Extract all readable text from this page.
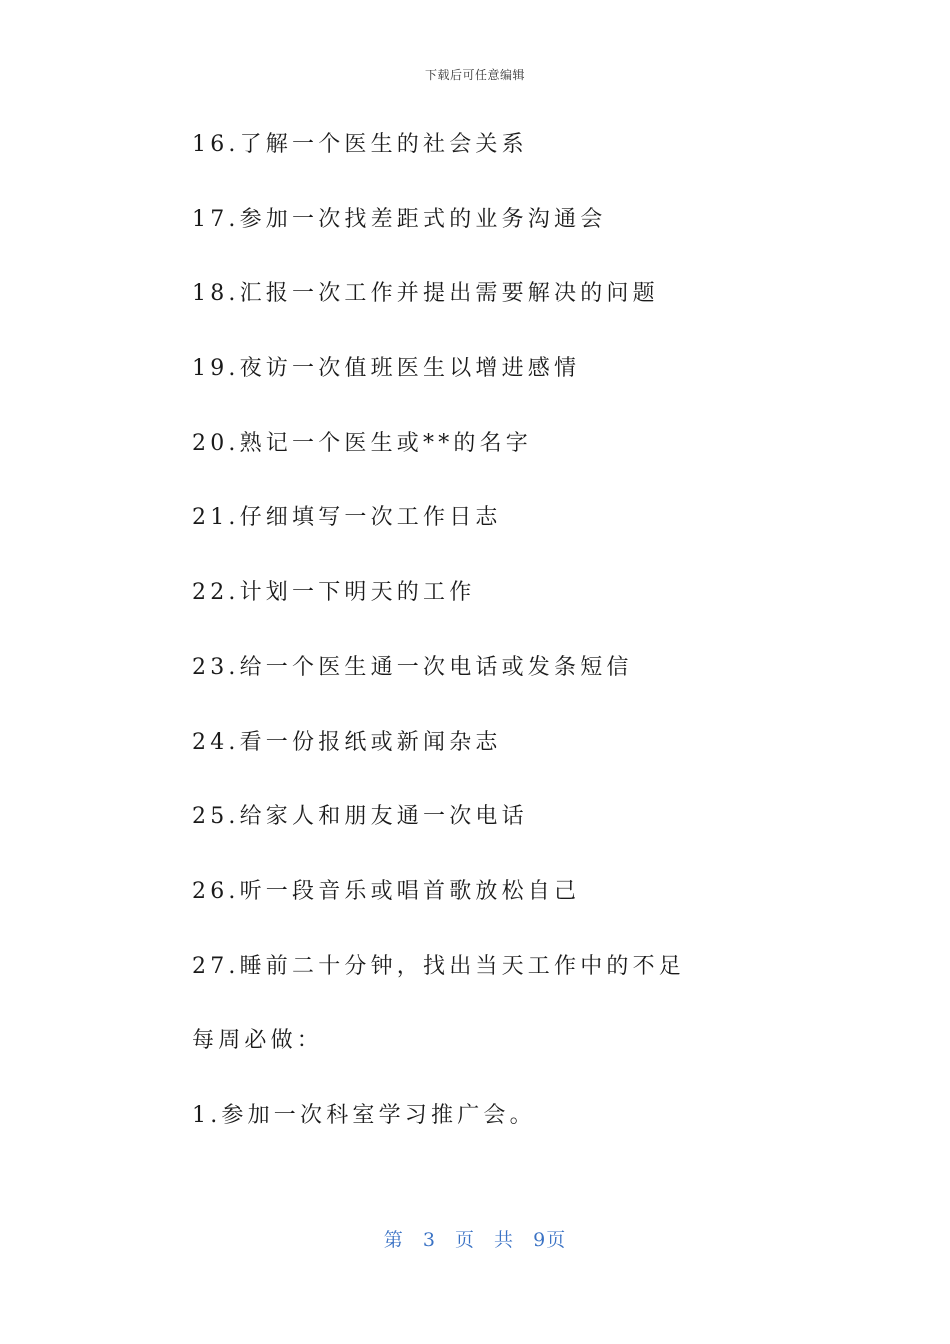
下载后可任意编辑
16.了解一个医生的社会关系
17.参加一次找差距式的业务沟通会
18.汇报一次工作并提出需要解决的问题
19.夜访一次值班医生以增进感情
20.熟记一个医生或**的名字
21.仔细填写一次工作日志
22.计划一下明天的工作
23.给一个医生通一次电话或发条短信
24.看一份报纸或新闻杂志
25.给家人和朋友通一次电话
26.听一段音乐或唱首歌放松自己
27.睡前二十分钟，找出当天工作中的不足
每周必做：
1.参加一次科室学习推广会。
第 3 页 共 9页
